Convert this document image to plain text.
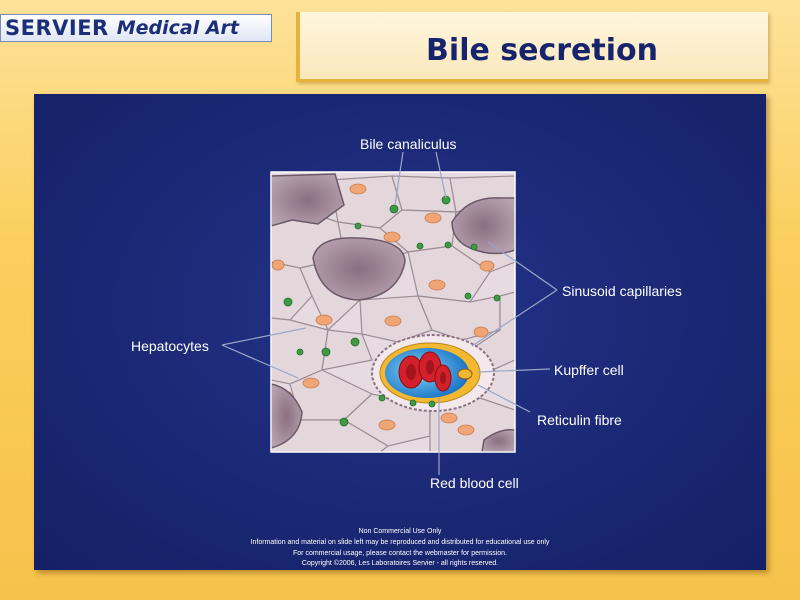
SERVIER Medical Art
Bile secretion
Bile canaliculus
Sinusoid capillaries
Hepatocytes
Kupffer cell
Reticulin fibre
Red blood cell
Non Commercial Use Only
Information and material on slide left may be reproduced and distributed for educational use only
For commercial usage, please contact the webmaster for permission.
Copyright ©2006, Les Laboratoires Servier - all rights reserved.
